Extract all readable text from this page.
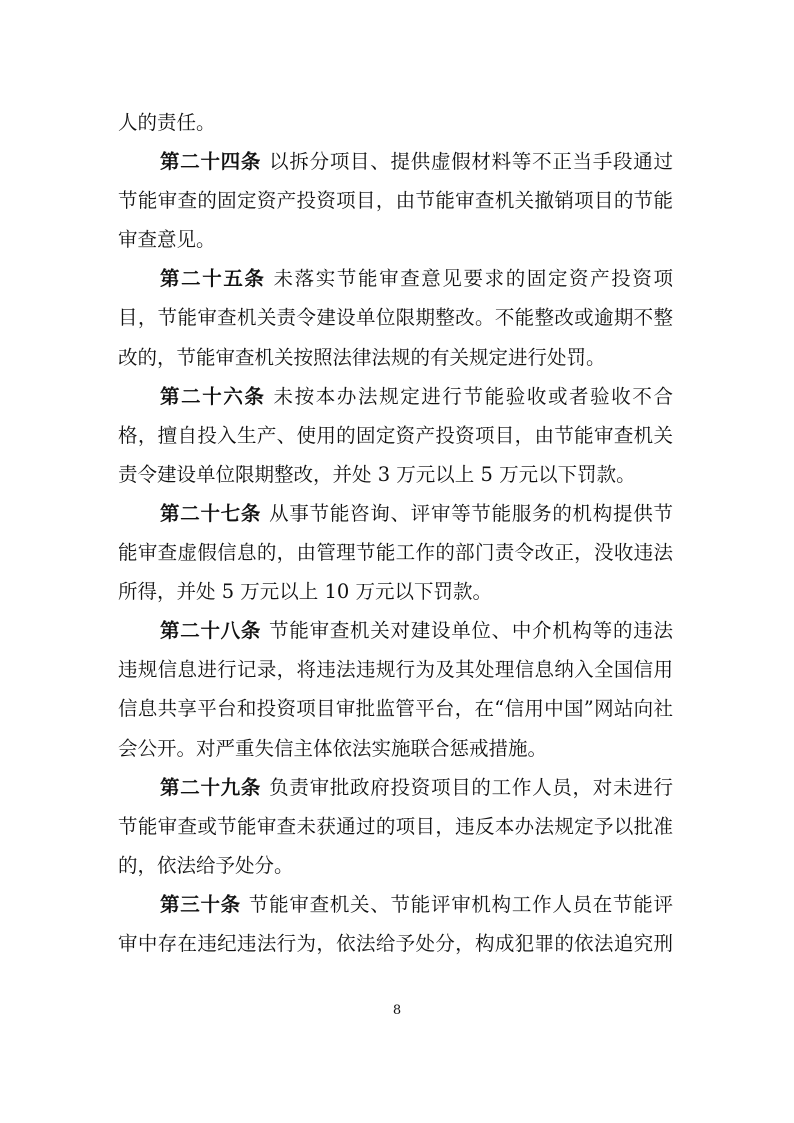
人的责任。
第二十四条 以拆分项目、提供虚假材料等不正当手段通过
节能审查的固定资产投资项目，由节能审查机关撤销项目的节能
审查意见。
第二十五条 未落实节能审查意见要求的固定资产投资项
目，节能审查机关责令建设单位限期整改。不能整改或逾期不整
改的，节能审查机关按照法律法规的有关规定进行处罚。
第二十六条 未按本办法规定进行节能验收或者验收不合
格，擅自投入生产、使用的固定资产投资项目，由节能审查机关
责令建设单位限期整改，并处 3 万元以上 5 万元以下罚款。
第二十七条 从事节能咨询、评审等节能服务的机构提供节
能审查虚假信息的，由管理节能工作的部门责令改正，没收违法
所得，并处 5 万元以上 10 万元以下罚款。
第二十八条 节能审查机关对建设单位、中介机构等的违法
违规信息进行记录，将违法违规行为及其处理信息纳入全国信用
信息共享平台和投资项目审批监管平台，在“信用中国”网站向社
会公开。对严重失信主体依法实施联合惩戒措施。
第二十九条 负责审批政府投资项目的工作人员，对未进行
节能审查或节能审查未获通过的项目，违反本办法规定予以批准
的，依法给予处分。
第三十条 节能审查机关、节能评审机构工作人员在节能评
审中存在违纪违法行为，依法给予处分，构成犯罪的依法追究刑
8
